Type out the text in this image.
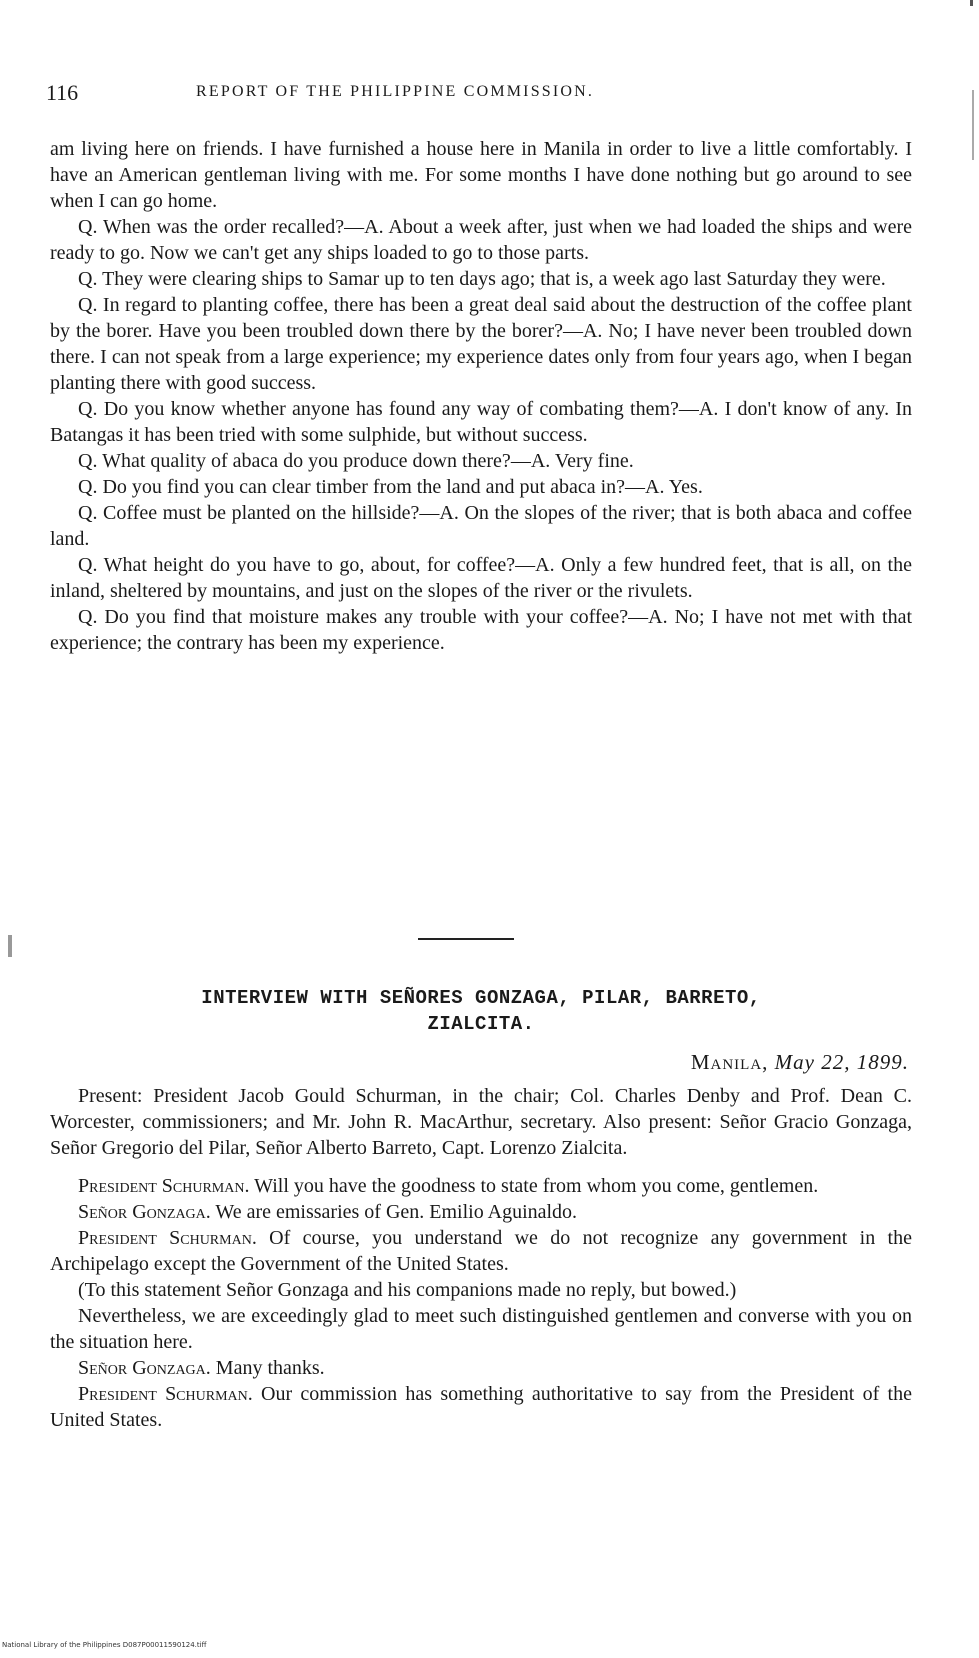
116	REPORT OF THE PHILIPPINE COMMISSION.

am living here on friends. I have furnished a house here in Manila in order to live a little comfortably. I have an American gentleman living with me. For some months I have done nothing but go around to see when I can go home.

Q. When was the order recalled?—A. About a week after, just when we had loaded the ships and were ready to go. Now we can't get any ships loaded to go to those parts.

Q. They were clearing ships to Samar up to ten days ago; that is, a week ago last Saturday they were.

Q. In regard to planting coffee, there has been a great deal said about the destruction of the coffee plant by the borer. Have you been troubled down there by the borer?—A. No; I have never been troubled down there. I can not speak from a large experience; my experience dates only from four years ago, when I began planting there with good success.

Q. Do you know whether anyone has found any way of combating them?—A. I don't know of any. In Batangas it has been tried with some sulphide, but without success.

Q. What quality of abaca do you produce down there?—A. Very fine.

Q. Do you find you can clear timber from the land and put abaca in?—A. Yes.

Q. Coffee must be planted on the hillside?—A. On the slopes of the river; that is both abaca and coffee land.

Q. What height do you have to go, about, for coffee?—A. Only a few hundred feet, that is all, on the inland, sheltered by mountains, and just on the slopes of the river or the rivulets.

Q. Do you find that moisture makes any trouble with your coffee?—A. No; I have not met with that experience; the contrary has been my experience.

INTERVIEW WITH SEÑORES GONZAGA, PILAR, BARRETO,
ZIALCITA.
Manila, May 22, 1899.

Present: President Jacob Gould Schurman, in the chair; Col. Charles Denby and Prof. Dean C. Worcester, commissioners; and Mr. John R. MacArthur, secretary. Also present: Señor Gracio Gonzaga, Señor Gregorio del Pilar, Señor Alberto Barreto, Capt. Lorenzo Zialcita.

President Schurman. Will you have the goodness to state from whom you come, gentlemen.

Señor Gonzaga. We are emissaries of Gen. Emilio Aguinaldo.

President Schurman. Of course, you understand we do not recognize any government in the Archipelago except the Government of the United States.

(To this statement Señor Gonzaga and his companions made no reply, but bowed.)

Nevertheless, we are exceedingly glad to meet such distinguished gentlemen and converse with you on the situation here.

Señor Gonzaga. Many thanks.

President Schurman. Our commission has something authoritative to say from the President of the United States.

National Library of the Philippines D087P00011590124.tiff
